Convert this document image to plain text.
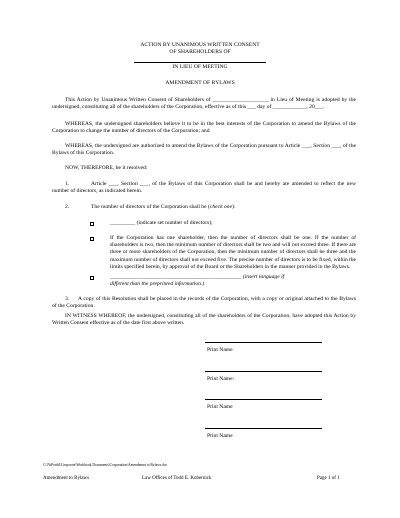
ACTION BY UNANIMOUS WRITTEN CONSENT

OF SHAREHOLDERS OF

IN LIEU OF MEETING

AMENDMENT OF BYLAWS

This Action by Unanimous Written Consent of Shareholders of ____________________ in Lieu of Meeting is adopted by the undersigned, constituting all of the shareholders of the Corporation, effective as of this ___ day of ____________, 20___.

WHEREAS, the undersigned shareholders believe it to be in the best interests of the Corporation to amend the Bylaws of the Corporation to change the number of directors of the Corporation; and

WHEREAS, the undersigned are authorized to amend the Bylaws of the Corporation pursuant to Article ___, Section ___, of the Bylaws of this Corporation.

NOW, THEREFORE, be it resolved:

1.	Article ___, Section ___, of the Bylaws of this Corporation shall be and hereby are amended to reflect the new number of directors, as indicated herein.

2.	The number of directors of the Corporation shall be (check one):

_________ (indicate set number of directors);

If the Corporation has one shareholder, then the number of directors shall be one. If the number of shareholders is two, then the minimum number of directors shall be two and will not exceed three. If there are three or more shareholders of the Corporation, then the minimum number of directors shall be three and the maximum number of directors shall not exceed five. The precise number of directors is to be fixed, within the limits specified herein, by approval of the Board or the Shareholders in the manner provided in the Bylaws.

_______________________________________________ (insert language if

different than the preprinted information.)

3.	A copy of this Resolution shall be placed in the records of the Corporation, with a copy or original attached to the Bylaws of the Corporation.

IN WITNESS WHEREOF, the undersigned, constituting all of the shareholders of the Corporation, have adopted this Action by Written Consent effective as of the date first above written.

Print Name

Print Name:

Print Name

Print Name

C:\NrPortbl\Corporate\Workbook Documents\Corporation\Amendment to Bylaws.doc

Amendment to Bylaws	Law Offices of Todd E. Kobernick	Page 1 of 1
